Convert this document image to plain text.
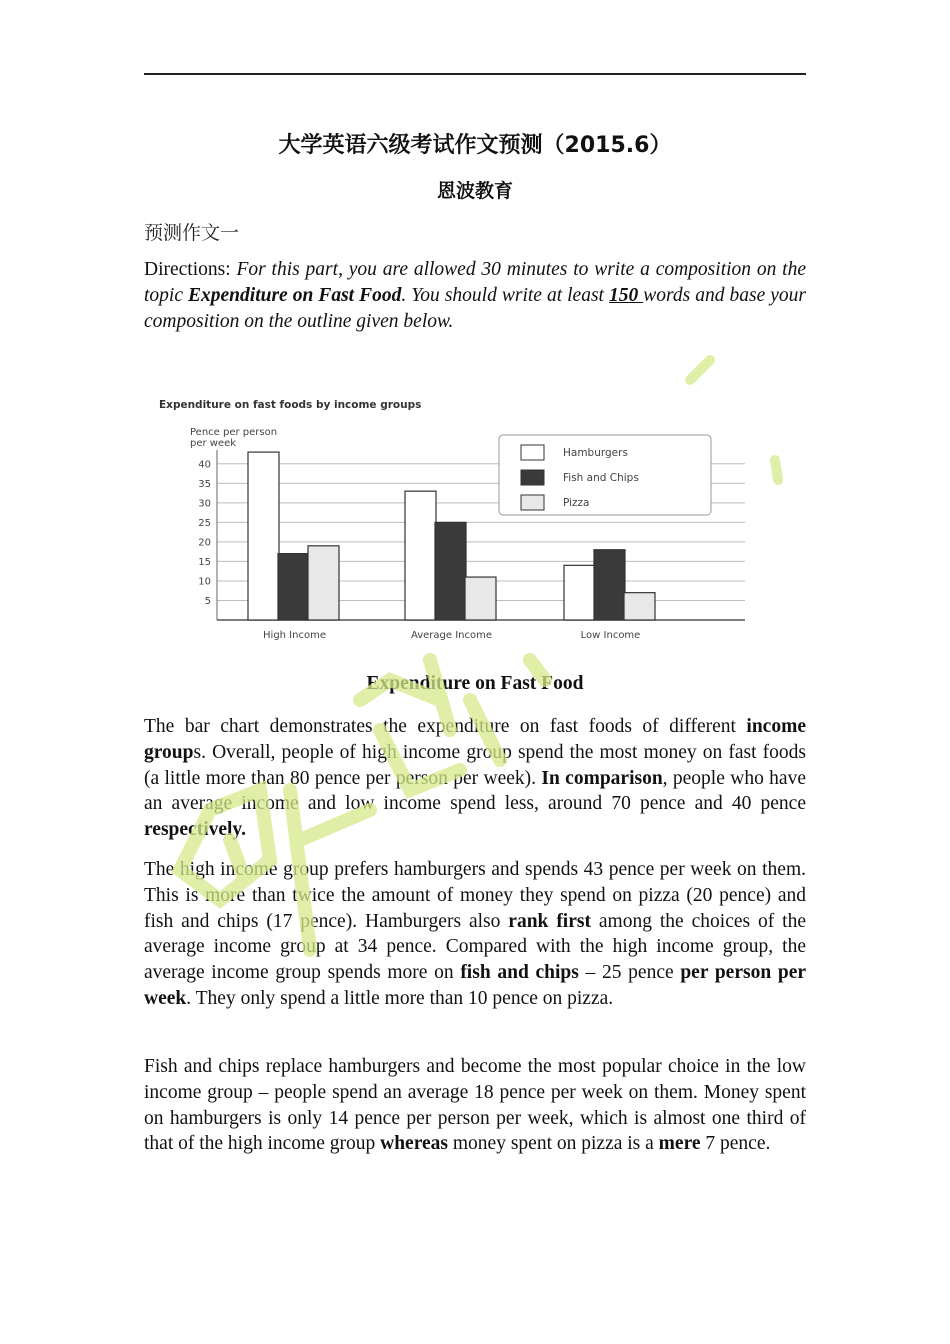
大学英语六级考试作文预测（2015.6）
恩波教育
预测作文一
Directions: For this part, you are allowed 30 minutes to write a composition on the topic Expenditure on Fast Food. You should write at least 150 words and base your composition on the outline given below.
Expenditure on fast foods by income groups
Pence per person
per week
5
10
15
20
25
30
35
40
High Income	Average Income	Low Income
Hamburgers
Fish and Chips
Pizza
Expenditure on Fast Food
The bar chart demonstrates the expenditure on fast foods of different income groups. Overall, people of high income group spend the most money on fast foods (a little more than 80 pence per person per week). In comparison, people who have an average income and low income spend less, around 70 pence and 40 pence respectively.
The high income group prefers hamburgers and spends 43 pence per week on them. This is more than twice the amount of money they spend on pizza (20 pence) and fish and chips (17 pence). Hamburgers also rank first among the choices of the average income group at 34 pence. Compared with the high income group, the average income group spends more on fish and chips – 25 pence per person per week. They only spend a little more than 10 pence on pizza.
Fish and chips replace hamburgers and become the most popular choice in the low income group – people spend an average 18 pence per week on them. Money spent on hamburgers is only 14 pence per person per week, which is almost one third of that of the high income group whereas money spent on pizza is a mere 7 pence.
